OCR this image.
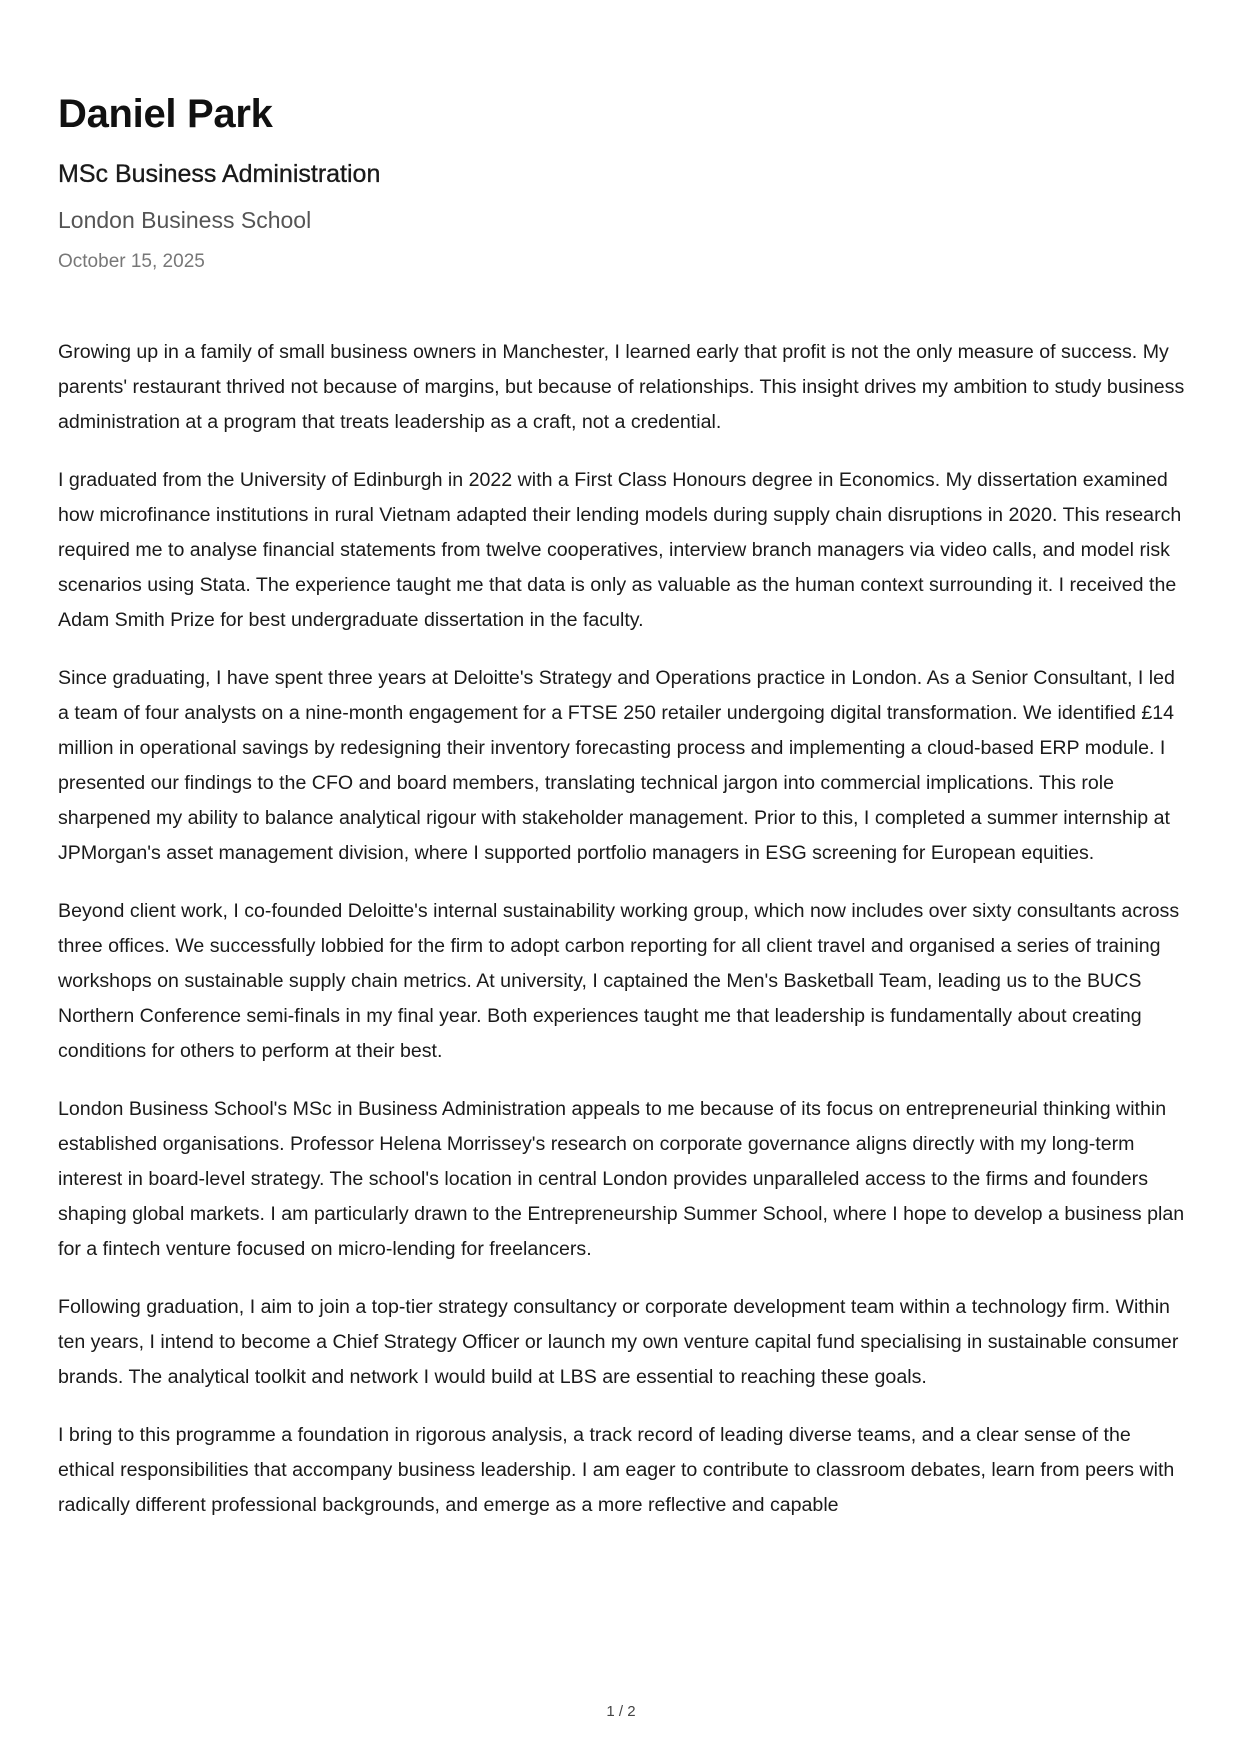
Daniel Park
MSc Business Administration
London Business School
October 15, 2025

Growing up in a family of small business owners in Manchester, I learned early that profit is not the only measure of success. My parents' restaurant thrived not because of margins, but because of relationships. This insight drives my ambition to study business administration at a program that treats leadership as a craft, not a credential.

I graduated from the University of Edinburgh in 2022 with a First Class Honours degree in Economics. My dissertation examined how microfinance institutions in rural Vietnam adapted their lending models during supply chain disruptions in 2020. This research required me to analyse financial statements from twelve cooperatives, interview branch managers via video calls, and model risk scenarios using Stata. The experience taught me that data is only as valuable as the human context surrounding it. I received the Adam Smith Prize for best undergraduate dissertation in the faculty.

Since graduating, I have spent three years at Deloitte's Strategy and Operations practice in London. As a Senior Consultant, I led a team of four analysts on a nine-month engagement for a FTSE 250 retailer undergoing digital transformation. We identified £14 million in operational savings by redesigning their inventory forecasting process and implementing a cloud-based ERP module. I presented our findings to the CFO and board members, translating technical jargon into commercial implications. This role sharpened my ability to balance analytical rigour with stakeholder management. Prior to this, I completed a summer internship at JPMorgan's asset management division, where I supported portfolio managers in ESG screening for European equities.

Beyond client work, I co-founded Deloitte's internal sustainability working group, which now includes over sixty consultants across three offices. We successfully lobbied for the firm to adopt carbon reporting for all client travel and organised a series of training workshops on sustainable supply chain metrics. At university, I captained the Men's Basketball Team, leading us to the BUCS Northern Conference semi-finals in my final year. Both experiences taught me that leadership is fundamentally about creating conditions for others to perform at their best.

London Business School's MSc in Business Administration appeals to me because of its focus on entrepreneurial thinking within established organisations. Professor Helena Morrissey's research on corporate governance aligns directly with my long-term interest in board-level strategy. The school's location in central London provides unparalleled access to the firms and founders shaping global markets. I am particularly drawn to the Entrepreneurship Summer School, where I hope to develop a business plan for a fintech venture focused on micro-lending for freelancers.

Following graduation, I aim to join a top-tier strategy consultancy or corporate development team within a technology firm. Within ten years, I intend to become a Chief Strategy Officer or launch my own venture capital fund specialising in sustainable consumer brands. The analytical toolkit and network I would build at LBS are essential to reaching these goals.

I bring to this programme a foundation in rigorous analysis, a track record of leading diverse teams, and a clear sense of the ethical responsibilities that accompany business leadership. I am eager to contribute to classroom debates, learn from peers with radically different professional backgrounds, and emerge as a more reflective and capable

1 / 2
